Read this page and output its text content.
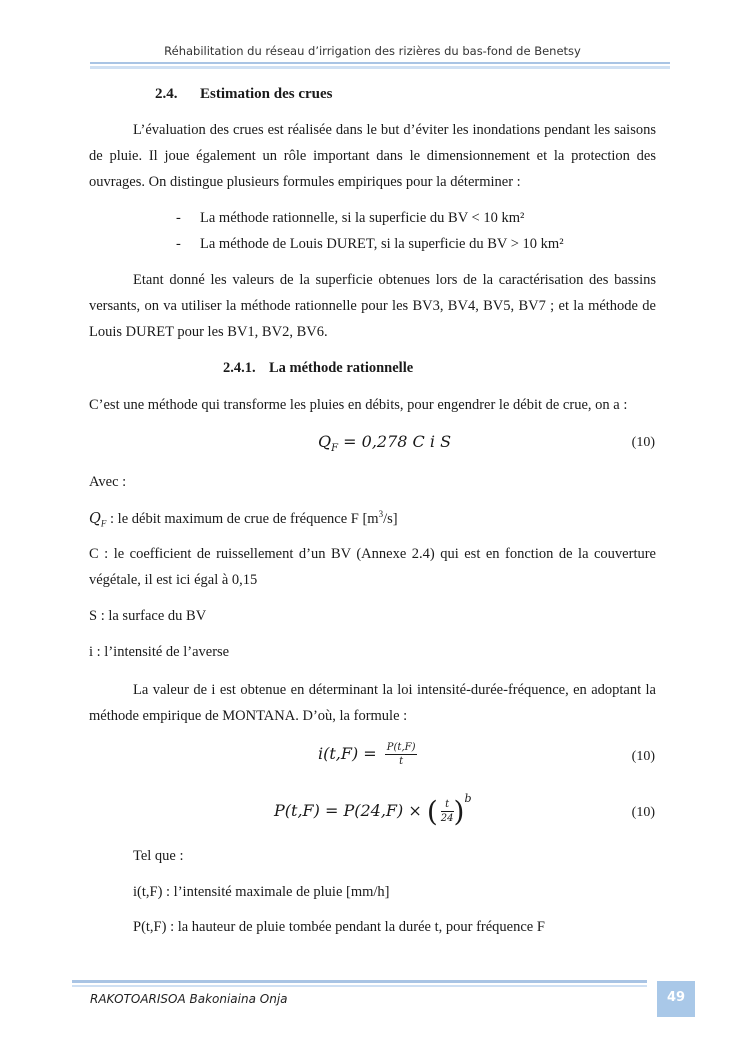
Réhabilitation du réseau d’irrigation des rizières du bas-fond de Benetsy
2.4. Estimation des crues
L’évaluation des crues est réalisée dans le but d’éviter les inondations pendant les saisons de pluie. Il joue également un rôle important dans le dimensionnement et la protection des ouvrages. On distingue plusieurs formules empiriques pour la déterminer :
- La méthode rationnelle, si la superficie du BV < 10 km²
- La méthode de Louis DURET, si la superficie du BV > 10 km²
Etant donné les valeurs de la superficie obtenues lors de la caractérisation des bassins versants, on va utiliser la méthode rationnelle pour les BV3, BV4, BV5, BV7 ; et la méthode de Louis DURET pour les BV1, BV2, BV6.
2.4.1. La méthode rationnelle
C’est une méthode qui transforme les pluies en débits, pour engendrer le débit de crue, on a :
$Q_F = 0,278$ C i S	(10)
Avec :
$Q_F$ : le débit maximum de crue de fréquence F $[m^3/s]$
C : le coefficient de ruissellement d’un BV (Annexe 2.4) qui est en fonction de la couverture végétale, il est ici égal à 0,15
S : la surface du BV
i : l’intensité de l’averse
La valeur de i est obtenue en déterminant la loi intensité-durée-fréquence, en adoptant la méthode empirique de MONTANA. D’où, la formule :
$i(t,F) = \frac{P(t,F)}{t}$	(10)
P(t,F) = P(24,F) × ( $\frac{t}{24} )^b$
(10)
Tel que :
i(t,F) : l’intensité maximale de pluie [mm/h]
P(t,F) : la hauteur de pluie tombée pendant la durée t, pour fréquence F
RAKOTOARISOA Bakoniaina Onja	49
